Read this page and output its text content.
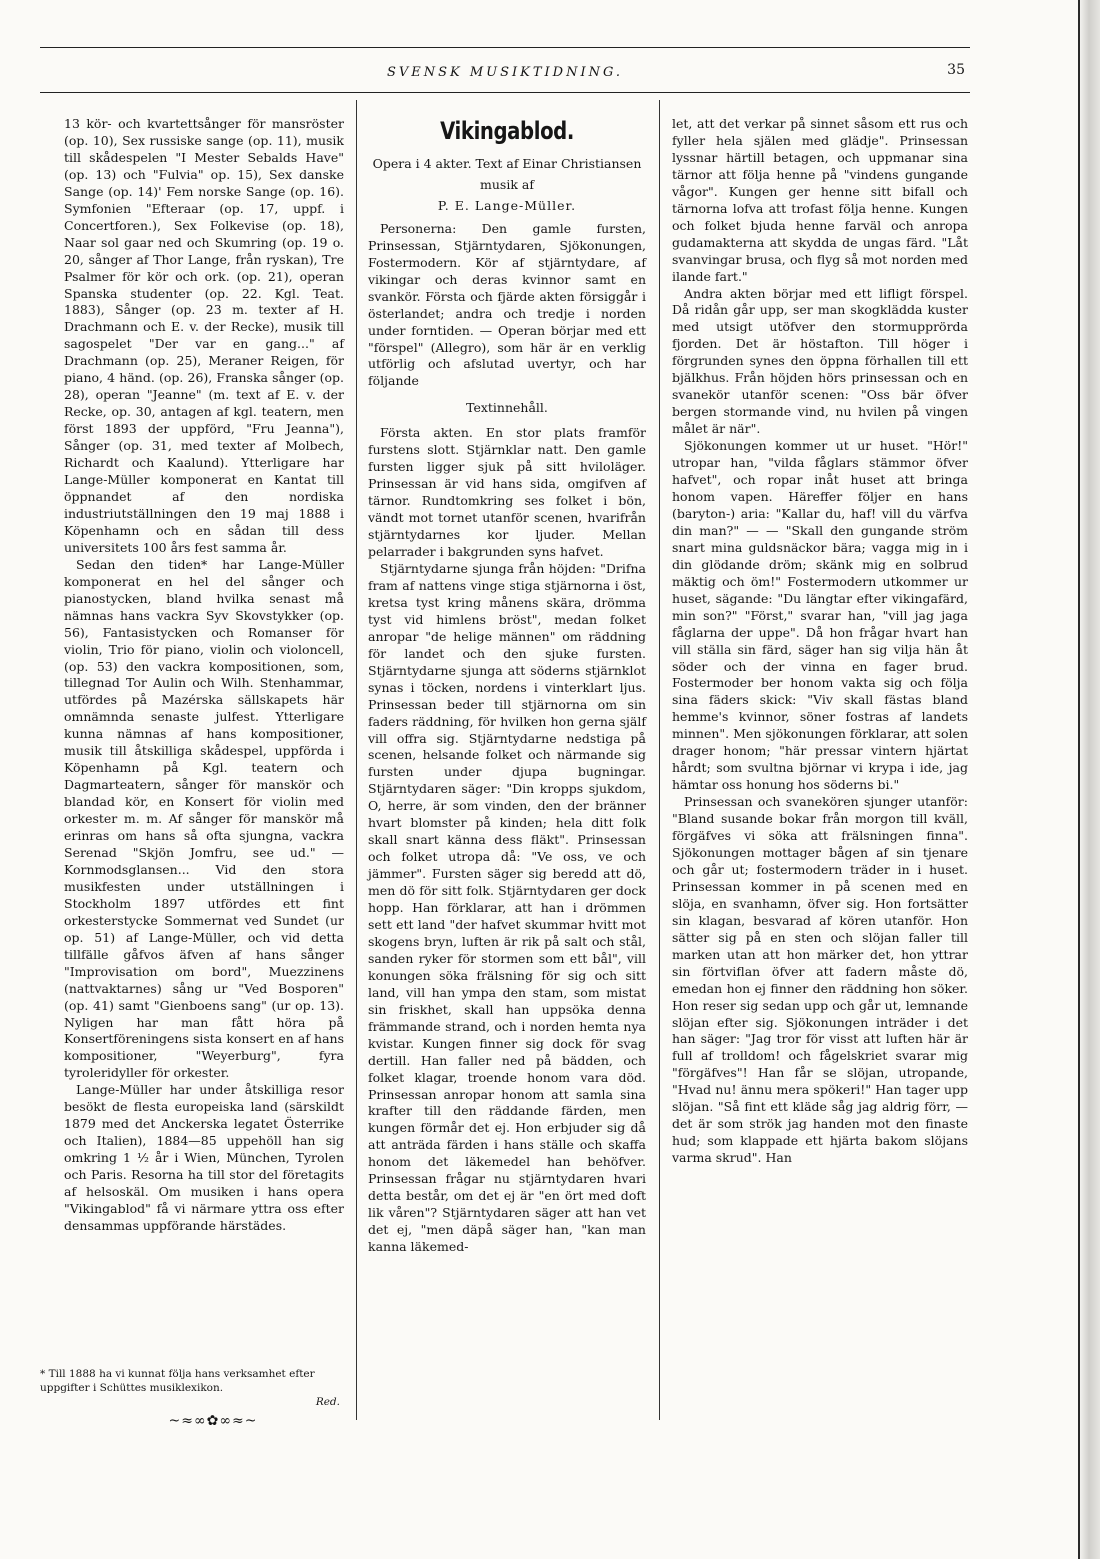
SVENSK MUSIKTIDNING.	35

13 kör- och kvartettsånger för mansröster (op. 10), Sex russiske sange (op. 11), musik till skådespelen "I Mester Sebalds Have" (op. 13) och "Fulvia" op. 15), Sex danske Sange (op. 14)' Fem norske Sange (op. 16). Symfonien "Efteraar (op. 17, uppf. i Concertforen.), Sex Folkevise (op. 18), Naar sol gaar ned och Skumring (op. 19 o. 20, sånger af Thor Lange, från ryskan), Tre Psalmer för kör och ork. (op. 21), operan Spanska studenter (op. 22. Kgl. Teat. 1883), Sånger (op. 23 m. texter af H. Drachmann och E. v. der Recke), musik till sagospelet "Der var en gang..." af Drachmann (op. 25), Meraner Reigen, för piano, 4 händ. (op. 26), Franska sånger (op. 28), operan "Jeanne" (m. text af E. v. der Recke, op. 30, antagen af kgl. teatern, men först 1893 der uppförd, "Fru Jeanna"), Sånger (op. 31, med texter af Molbech, Richardt och Kaalund). Ytterligare har Lange-Müller komponerat en Kantat till öppnandet af den nordiska industriutställningen den 19 maj 1888 i Köpenhamn och en sådan till dess universitets 100 års fest samma år.

Sedan den tiden* har Lange-Müller komponerat en hel del sånger och pianostycken, bland hvilka senast må nämnas hans vackra Syv Skovstykker (op. 56), Fantasistycken och Romanser för violin, Trio för piano, violin och violoncell, (op. 53) den vackra kompositionen, som, tillegnad Tor Aulin och Wilh. Stenhammar, utfördes på Mazérska sällskapets här omnämnda senaste julfest. Ytterligare kunna nämnas af hans kompositioner, musik till åtskilliga skådespel, uppförda i Köpenhamn på Kgl. teatern och Dagmarteatern, sånger för manskör och blandad kör, en Konsert för violin med orkester m. m. Af sånger för manskör må erinras om hans så ofta sjungna, vackra Serenad "Skjön Jomfru, see ud." — Kornmodsglansen... Vid den stora musikfesten under utställningen i Stockholm 1897 utfördes ett fint orkesterstycke Sommernat ved Sundet (ur op. 51) af Lange-Müller, och vid detta tillfälle gåfvos äfven af hans sånger "Improvisation om bord", Muezzinens (nattvaktarnes) sång ur "Ved Bosporen" (op. 41) samt "Gienboens sang" (ur op. 13). Nyligen har man fått höra på Konsertföreningens sista konsert en af hans kompositioner, "Weyerburg", fyra tyroleridyller för orkester.

Lange-Müller har under åtskilliga resor besökt de flesta europeiska land (särskildt 1879 med det Anckerska legatet Österrike och Italien), 1884—85 uppehöll han sig omkring 1 ½ år i Wien, München, Tyrolen och Paris. Resorna ha till stor del företagits af helsoskäl. Om musiken i hans opera "Vikingablod" få vi närmare yttra oss efter densammas uppförande härstädes.

* Till 1888 ha vi kunnat följa hans verksamhet efter uppgifter i Schüttes musiklexikon.
Red.
~≈∞✿∞≈~
Vikingablod.

Opera i 4 akter. Text af Einar Christiansen

musik af

P. E. Lange-Müller.

Personerna: Den gamle fursten, Prinsessan, Stjärntydaren, Sjökonungen, Fostermodern. Kör af stjärntydare, af vikingar och deras kvinnor samt en svankör. Första och fjärde akten försiggår i österlandet; andra och tredje i norden under forntiden. — Operan börjar med ett "förspel" (Allegro), som här är en verklig utförlig och afslutad uvertyr, och har följande

Textinnehåll.

Första akten. En stor plats framför furstens slott. Stjärnklar natt. Den gamle fursten ligger sjuk på sitt hviloläger. Prinsessan är vid hans sida, omgifven af tärnor. Rundtomkring ses folket i bön, vändt mot tornet utanför scenen, hvarifrån stjärntydarnes kor ljuder. Mellan pelarrader i bakgrunden syns hafvet.

Stjärntydarne sjunga från höjden: "Drifna fram af nattens vinge stiga stjärnorna i öst, kretsa tyst kring månens skära, drömma tyst vid himlens bröst", medan folket anropar "de helige männen" om räddning för landet och den sjuke fursten. Stjärntydarne sjunga att söderns stjärnklot synas i töcken, nordens i vinterklart ljus. Prinsessan beder till stjärnorna om sin faders räddning, för hvilken hon gerna själf vill offra sig. Stjärntydarne nedstiga på scenen, helsande folket och närmande sig fursten under djupa bugningar. Stjärntydaren säger: "Din kropps sjukdom, O, herre, är som vinden, den der bränner hvart blomster på kinden; hela ditt folk skall snart känna dess fläkt". Prinsessan och folket utropa då: "Ve oss, ve och jämmer". Fursten säger sig beredd att dö, men dö för sitt folk. Stjärntydaren ger dock hopp. Han förklarar, att han i drömmen sett ett land "der hafvet skummar hvitt mot skogens bryn, luften är rik på salt och stål, sanden ryker för stormen som ett bål", vill konungen söka frälsning för sig och sitt land, vill han ympa den stam, som mistat sin friskhet, skall han uppsöka denna främmande strand, och i norden hemta nya kvistar. Kungen finner sig dock för svag dertill. Han faller ned på bädden, och folket klagar, troende honom vara död. Prinsessan anropar honom att samla sina krafter till den räddande färden, men kungen förmår det ej. Hon erbjuder sig då att anträda färden i hans ställe och skaffa honom det läkemedel han behöfver. Prinsessan frågar nu stjärntydaren hvari detta består, om det ej är "en ört med doft lik våren"? Stjärntydaren säger att han vet det ej, "men däpå säger han, "kan man kanna läkemed-

let, att det verkar på sinnet såsom ett rus och fyller hela själen med glädje". Prinsessan lyssnar härtill betagen, och uppmanar sina tärnor att följa henne på "vindens gungande vågor". Kungen ger henne sitt bifall och tärnorna lofva att trofast följa henne. Kungen och folket bjuda henne farväl och anropa gudamakterna att skydda de ungas färd. "Låt svanvingar brusa, och flyg så mot norden med ilande fart."

Andra akten börjar med ett lifligt förspel. Då ridån går upp, ser man skogklädda kuster med utsigt utöfver den stormupprörda fjorden. Det är höstafton. Till höger i förgrunden synes den öppna förhallen till ett bjälkhus. Från höjden hörs prinsessan och en svanekör utanför scenen: "Oss bär öfver bergen stormande vind, nu hvilen på vingen målet är när".

Sjökonungen kommer ut ur huset. "Hör!" utropar han, "vilda fåglars stämmor öfver hafvet", och ropar inåt huset att bringa honom vapen. Häreffer följer en hans (baryton-) aria: "Kallar du, haf! vill du värfva din man?" — — "Skall den gungande ström snart mina guldsnäckor bära; vagga mig in i din glödande dröm; skänk mig en solbrud mäktig och öm!" Fostermodern utkommer ur huset, sägande: "Du längtar efter vikingafärd, min son?" "Först," svarar han, "vill jag jaga fåglarna der uppe". Då hon frågar hvart han vill ställa sin färd, säger han sig vilja hän åt söder och der vinna en fager brud. Fostermoder ber honom vakta sig och följa sina fäders skick: "Viv skall fästas bland hemme's kvinnor, söner fostras af landets minnen". Men sjökonungen förklarar, att solen drager honom; "här pressar vintern hjärtat hårdt; som svultna björnar vi krypa i ide, jag hämtar oss honung hos söderns bi."

Prinsessan och svanekören sjunger utanför: "Bland susande bokar från morgon till kväll, förgäfves vi söka att frälsningen finna". Sjökonungen mottager bågen af sin tjenare och går ut; fostermodern träder in i huset. Prinsessan kommer in på scenen med en slöja, en svanhamn, öfver sig. Hon fortsätter sin klagan, besvarad af kören utanför. Hon sätter sig på en sten och slöjan faller till marken utan att hon märker det, hon yttrar sin förtviflan öfver att fadern måste dö, emedan hon ej finner den räddning hon söker. Hon reser sig sedan upp och går ut, lemnande slöjan efter sig. Sjökonungen inträder i det han säger: "Jag tror för visst att luften här är full af trolldom! och fågelskriet svarar mig "förgäfves"! Han får se slöjan, utropande, "Hvad nu! ännu mera spökeri!" Han tager upp slöjan. "Så fint ett kläde såg jag aldrig förr, — det är som strök jag handen mot den finaste hud; som klappade ett hjärta bakom slöjans varma skrud". Han
